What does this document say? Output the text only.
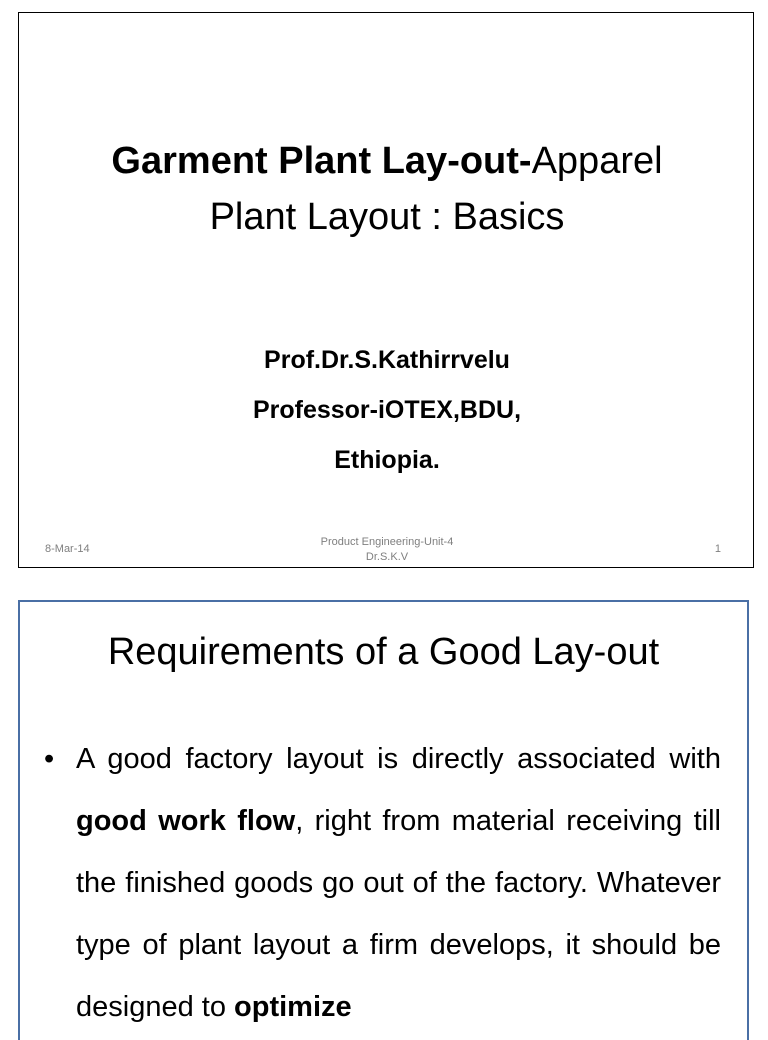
Garment Plant Lay-out-Apparel
Plant Layout : Basics
Prof.Dr.S.Kathirrvelu
Professor-iOTEX,BDU,
Ethiopia.
8-Mar-14
Product Engineering-Unit-4
Dr.S.K.V
1
Requirements of a Good Lay-out
• A good factory layout is directly associated with good work flow, right from material receiving till the finished goods go out of the factory. Whatever type of plant layout a firm develops, it should be designed to optimize
